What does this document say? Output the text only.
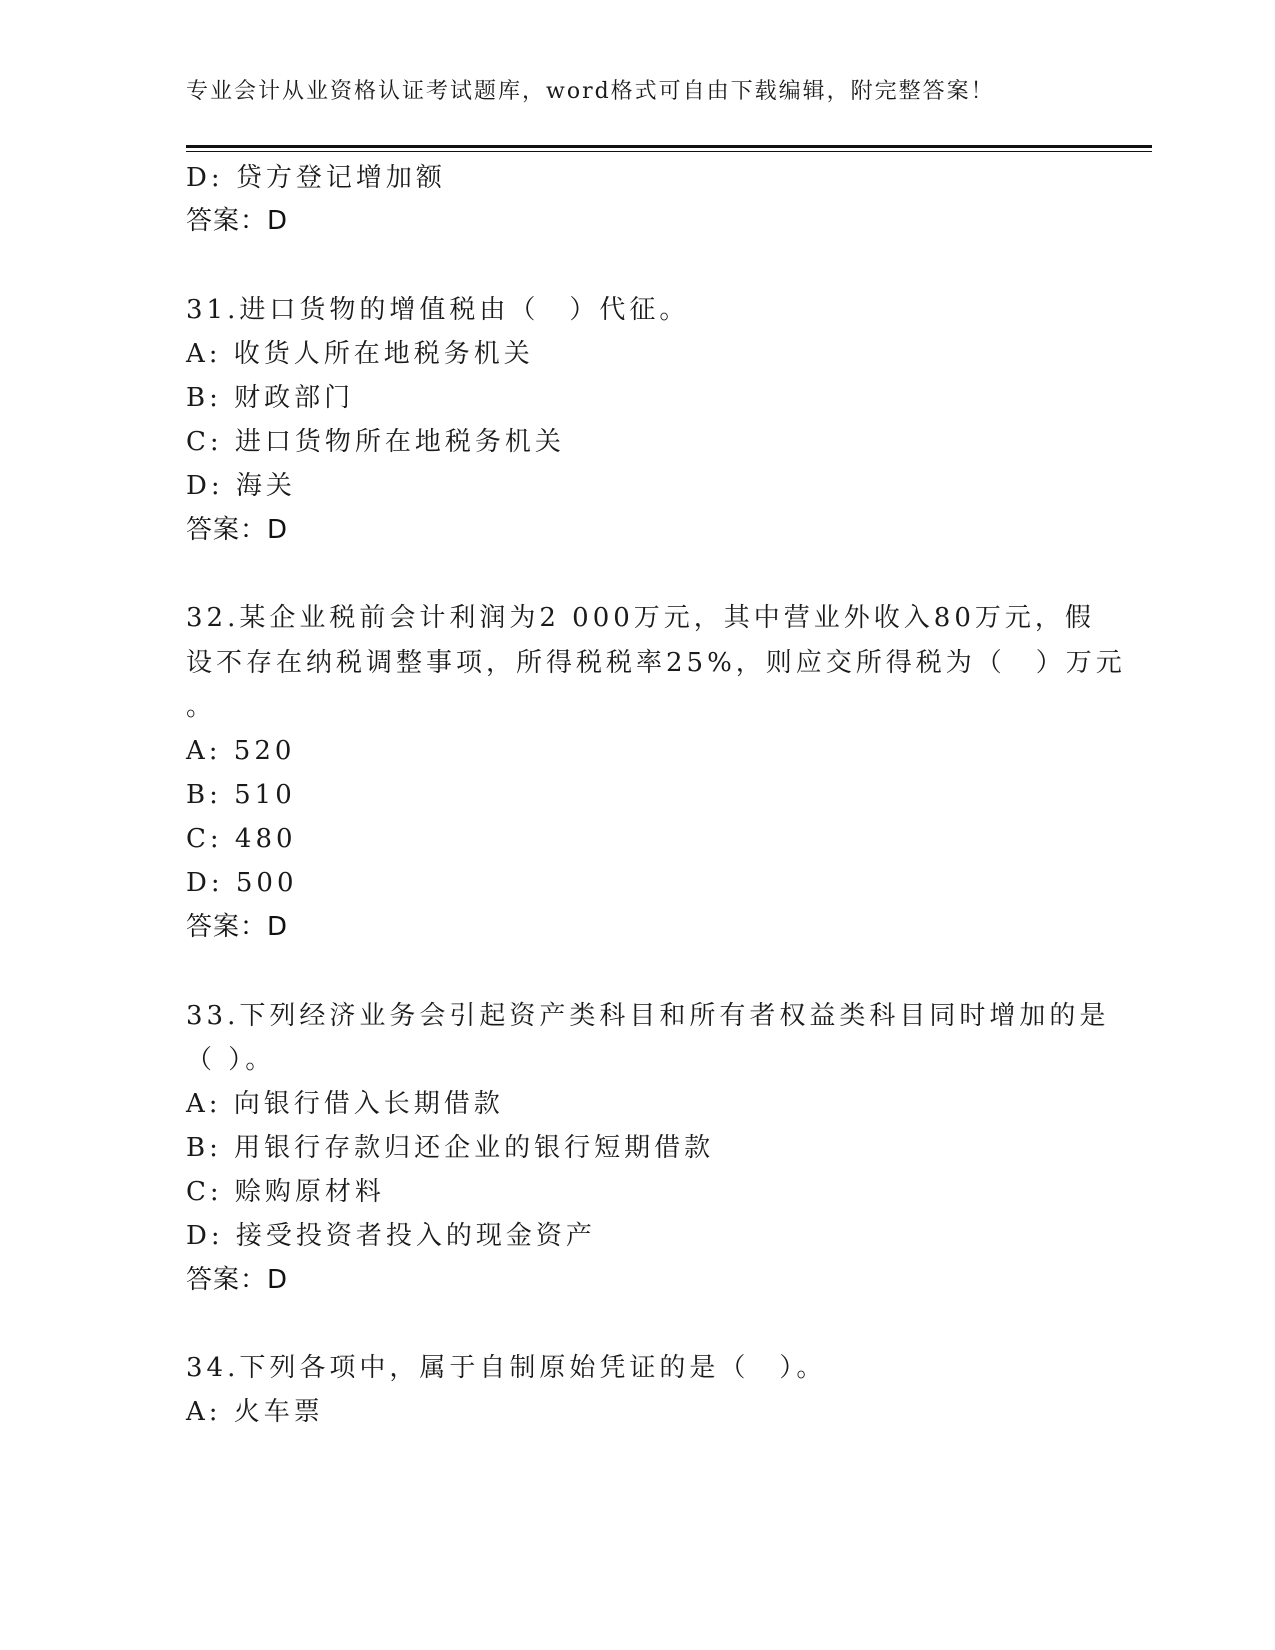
专业会计从业资格认证考试题库，word格式可自由下载编辑，附完整答案！
D: 贷方登记增加额
答案：D
31.进口货物的增值税由（　）代征。
A: 收货人所在地税务机关
B: 财政部门
C: 进口货物所在地税务机关
D: 海关
答案：D
32.某企业税前会计利润为2 000万元，其中营业外收入80万元，假
设不存在纳税调整事项，所得税税率25%，则应交所得税为（　）万元
。
A: 520
B: 510
C: 480
D: 500
答案：D
33.下列经济业务会引起资产类科目和所有者权益类科目同时增加的是
（ ）。
A: 向银行借入长期借款
B: 用银行存款归还企业的银行短期借款
C: 赊购原材料
D: 接受投资者投入的现金资产
答案：D
34.下列各项中，属于自制原始凭证的是（　）。
A: 火车票
